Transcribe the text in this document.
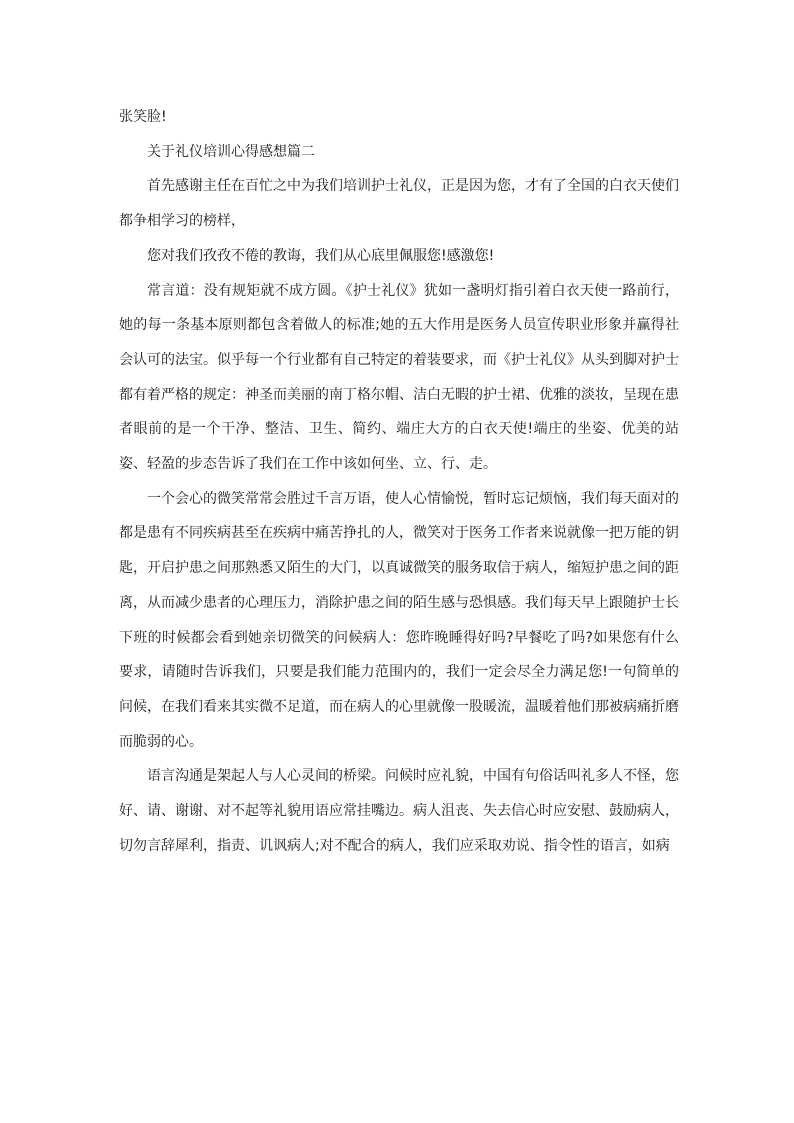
张笑脸!

关于礼仪培训心得感想篇二

首先感谢主任在百忙之中为我们培训护士礼仪，正是因为您，才有了全国的白衣天使们都争相学习的榜样，

您对我们孜孜不倦的教诲，我们从心底里佩服您!感激您!

常言道：没有规矩就不成方圆。《护士礼仪》犹如一盏明灯指引着白衣天使一路前行，她的每一条基本原则都包含着做人的标准;她的五大作用是医务人员宣传职业形象并赢得社会认可的法宝。似乎每一个行业都有自己特定的着装要求，而《护士礼仪》从头到脚对护士都有着严格的规定：神圣而美丽的南丁格尔帽、洁白无暇的护士裙、优雅的淡妆，呈现在患者眼前的是一个干净、整洁、卫生、简约、端庄大方的白衣天使!端庄的坐姿、优美的站姿、轻盈的步态告诉了我们在工作中该如何坐、立、行、走。

一个会心的微笑常常会胜过千言万语，使人心情愉悦，暂时忘记烦恼，我们每天面对的都是患有不同疾病甚至在疾病中痛苦挣扎的人，微笑对于医务工作者来说就像一把万能的钥匙，开启护患之间那熟悉又陌生的大门，以真诚微笑的服务取信于病人，缩短护患之间的距离，从而减少患者的心理压力，消除护患之间的陌生感与恐惧感。我们每天早上跟随护士长下班的时候都会看到她亲切微笑的问候病人：您昨晚睡得好吗?早餐吃了吗?如果您有什么要求，请随时告诉我们，只要是我们能力范围内的，我们一定会尽全力满足您!一句简单的问候，在我们看来其实微不足道，而在病人的心里就像一股暖流，温暖着他们那被病痛折磨而脆弱的心。

语言沟通是架起人与人心灵间的桥梁。问候时应礼貌，中国有句俗话叫礼多人不怪，您好、请、谢谢、对不起等礼貌用语应常挂嘴边。病人沮丧、失去信心时应安慰、鼓励病人，切勿言辞犀利，指责、讥讽病人;对不配合的病人，我们应采取劝说、指令性的语言，如病
